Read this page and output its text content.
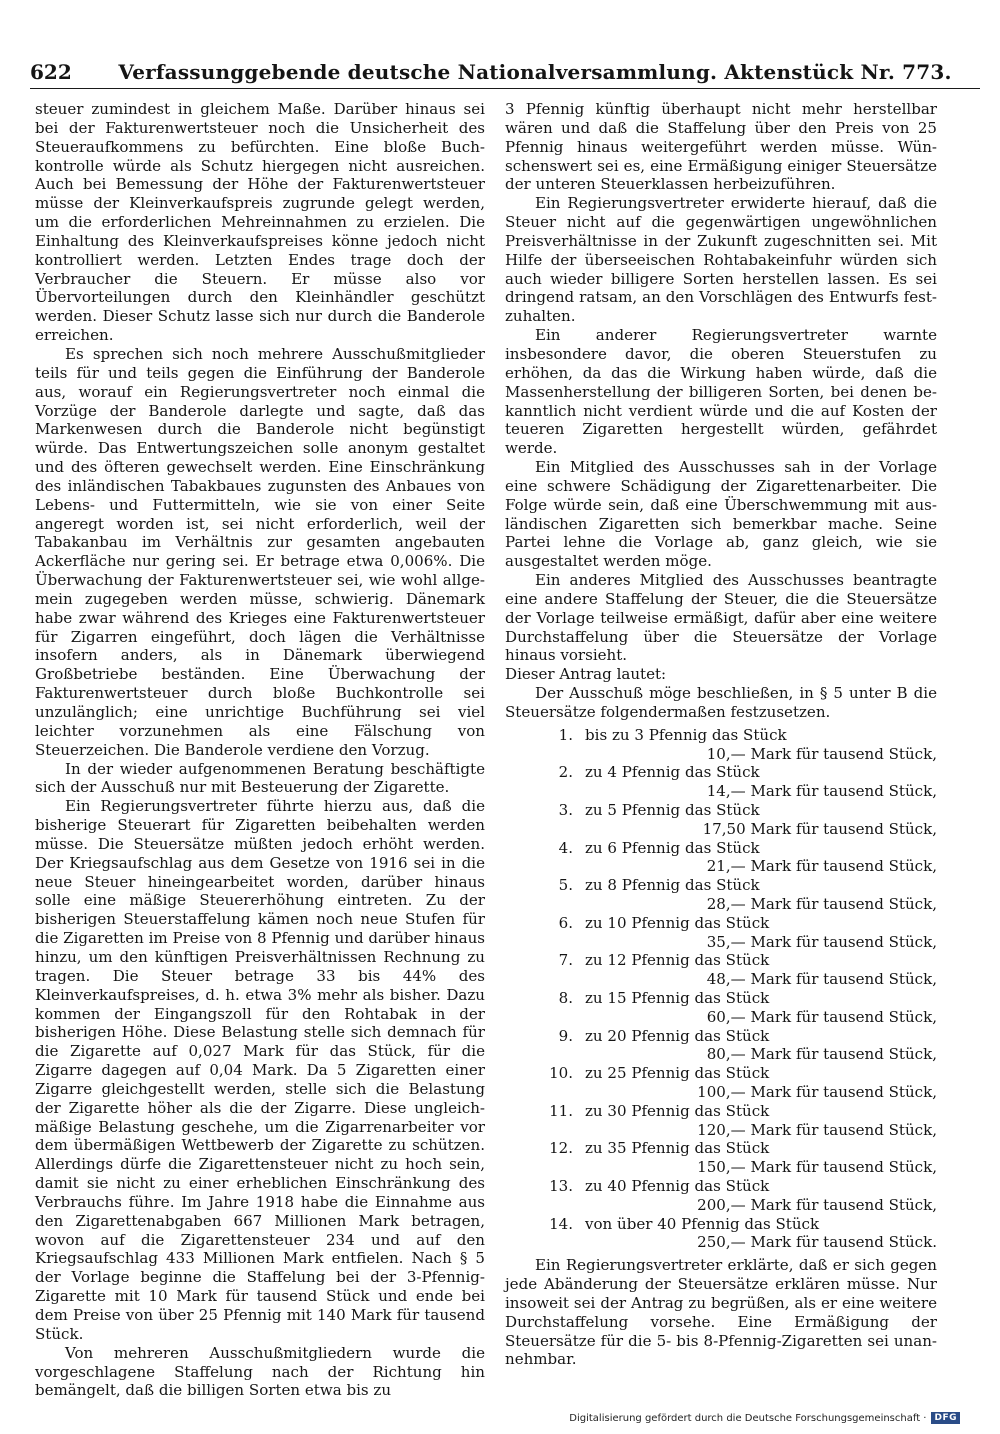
622	Verfassunggebende deutsche Nationalversammlung. Aktenstück Nr. 773.

steuer zumindest in gleichem Maße. Darüber hinaus sei bei der Fakturenwertsteuer noch die Unsicherheit des Steueraufkommens zu befürchten. Eine bloße Buchkontrolle würde als Schutz hiergegen nicht ausreichen. Auch bei Bemessung der Höhe der Fakturenwertsteuer müsse der Kleinverkaufspreis zugrunde gelegt werden, um die erforderlichen Mehreinnahmen zu erzielen. Die Einhaltung des Kleinverkaufspreises könne jedoch nicht kontrolliert werden. Letzten Endes trage doch der Verbraucher die Steuern. Er müsse also vor Übervorteilungen durch den Kleinhändler geschützt werden. Dieser Schutz lasse sich nur durch die Banderole erreichen.

Es sprechen sich noch mehrere Ausschußmitglieder teils für und teils gegen die Einführung der Banderole aus, worauf ein Regierungsvertreter noch einmal die Vorzüge der Banderole darlegte und sagte, daß das Markenwesen durch die Banderole nicht begünstigt würde. Das Entwertungszeichen solle anonym gestaltet und des öfteren gewechselt werden. Eine Einschränkung des inländischen Tabakbaues zugunsten des Anbaues von Lebens- und Futtermitteln, wie sie von einer Seite angeregt worden ist, sei nicht erforderlich, weil der Tabakanbau im Verhältnis zur gesamten angebauten Ackerfläche nur gering sei. Er betrage etwa 0,006%. Die Überwachung der Fakturenwertsteuer sei, wie wohl allgemein zugegeben werden müsse, schwierig. Dänemark habe zwar während des Krieges eine Fakturenwertsteuer für Zigarren eingeführt, doch lägen die Verhältnisse insofern anders, als in Dänemark überwiegend Großbetriebe beständen. Eine Überwachung der Fakturenwertsteuer durch bloße Buchkontrolle sei unzulänglich; eine unrichtige Buchführung sei viel leichter vorzunehmen als eine Fälschung von Steuerzeichen. Die Banderole verdiene den Vorzug.

In der wieder aufgenommenen Beratung beschäftigte sich der Ausschuß nur mit Besteuerung der Zigarette.

Ein Regierungsvertreter führte hierzu aus, daß die bisherige Steuerart für Zigaretten beibehalten werden müsse. Die Steuersätze müßten jedoch erhöht werden. Der Kriegsaufschlag aus dem Gesetze von 1916 sei in die neue Steuer hineingearbeitet worden, darüber hinaus solle eine mäßige Steuererhöhung eintreten. Zu der bisherigen Steuerstaffelung kämen noch neue Stufen für die Zigaretten im Preise von 8 Pfennig und darüber hinaus hinzu, um den künftigen Preisverhältnissen Rechnung zu tragen. Die Steuer betrage 33 bis 44% des Kleinverkaufspreises, d. h. etwa 3% mehr als bisher. Dazu kommen der Eingangszoll für den Rohtabak in der bisherigen Höhe. Diese Belastung stelle sich demnach für die Zigarette auf 0,027 Mark für das Stück, für die Zigarre dagegen auf 0,04 Mark. Da 5 Zigaretten einer Zigarre gleichgestellt werden, stelle sich die Belastung der Zigarette höher als die der Zigarre. Diese ungleichmäßige Belastung geschehe, um die Zigarrenarbeiter vor dem übermäßigen Wettbewerb der Zigarette zu schützen. Allerdings dürfe die Zigarettensteuer nicht zu hoch sein, damit sie nicht zu einer erheblichen Einschränkung des Verbrauchs führe. Im Jahre 1918 habe die Einnahme aus den Zigarettenabgaben 667 Millionen Mark betragen, wovon auf die Zigarettensteuer 234 und auf den Kriegsaufschlag 433 Millionen Mark entfielen. Nach § 5 der Vorlage beginne die Staffelung bei der 3-Pfennig-Zigarette mit 10 Mark für tausend Stück und ende bei dem Preise von über 25 Pfennig mit 140 Mark für tausend Stück.

Von mehreren Ausschußmitgliedern wurde die vorgeschlagene Staffelung nach der Richtung hin bemängelt, daß die billigen Sorten etwa bis zu

3 Pfennig künftig überhaupt nicht mehr herstellbar wären und daß die Staffelung über den Preis von 25 Pfennig hinaus weitergeführt werden müsse. Wünschenswert sei es, eine Ermäßigung einiger Steuersätze der unteren Steuerklassen herbeizuführen.

Ein Regierungsvertreter erwiderte hierauf, daß die Steuer nicht auf die gegenwärtigen ungewöhnlichen Preisverhältnisse in der Zukunft zugeschnitten sei. Mit Hilfe der überseeischen Rohtabakeinfuhr würden sich auch wieder billigere Sorten herstellen lassen. Es sei dringend ratsam, an den Vorschlägen des Entwurfs festzuhalten.

Ein anderer Regierungsvertreter warnte insbesondere davor, die oberen Steuerstufen zu erhöhen, da das die Wirkung haben würde, daß die Massenherstellung der billigeren Sorten, bei denen bekanntlich nicht verdient würde und die auf Kosten der teueren Zigaretten hergestellt würden, gefährdet werde.

Ein Mitglied des Ausschusses sah in der Vorlage eine schwere Schädigung der Zigarettenarbeiter. Die Folge würde sein, daß eine Überschwemmung mit ausländischen Zigaretten sich bemerkbar mache. Seine Partei lehne die Vorlage ab, ganz gleich, wie sie ausgestaltet werden möge.

Ein anderes Mitglied des Ausschusses beantragte eine andere Staffelung der Steuer, die die Steuersätze der Vorlage teilweise ermäßigt, dafür aber eine weitere Durchstaffelung über die Steuersätze der Vorlage hinaus vorsieht.

Dieser Antrag lautet:

Der Ausschuß möge beschließen, in § 5 unter B die Steuersätze folgendermaßen festzusetzen.

1. bis zu 3 Pfennig das Stück
10,— Mark für tausend Stück,
2. zu 4 Pfennig das Stück
14,— Mark für tausend Stück,
3. zu 5 Pfennig das Stück
17,50 Mark für tausend Stück,
4. zu 6 Pfennig das Stück
21,— Mark für tausend Stück,
5. zu 8 Pfennig das Stück
28,— Mark für tausend Stück,
6. zu 10 Pfennig das Stück
35,— Mark für tausend Stück,
7. zu 12 Pfennig das Stück
48,— Mark für tausend Stück,
8. zu 15 Pfennig das Stück
60,— Mark für tausend Stück,
9. zu 20 Pfennig das Stück
80,— Mark für tausend Stück,
10. zu 25 Pfennig das Stück
100,— Mark für tausend Stück,
11. zu 30 Pfennig das Stück
120,— Mark für tausend Stück,
12. zu 35 Pfennig das Stück
150,— Mark für tausend Stück,
13. zu 40 Pfennig das Stück
200,— Mark für tausend Stück,
14. von über 40 Pfennig das Stück
250,— Mark für tausend Stück.

Ein Regierungsvertreter erklärte, daß er sich gegen jede Abänderung der Steuersätze erklären müsse. Nur insoweit sei der Antrag zu begrüßen, als er eine weitere Durchstaffelung vorsehe. Eine Ermäßigung der Steuersätze für die 5- bis 8-Pfennig-Zigaretten sei unannehmbar.

Digitalisierung gefördert durch die Deutsche Forschungsgemeinschaft · DFG
